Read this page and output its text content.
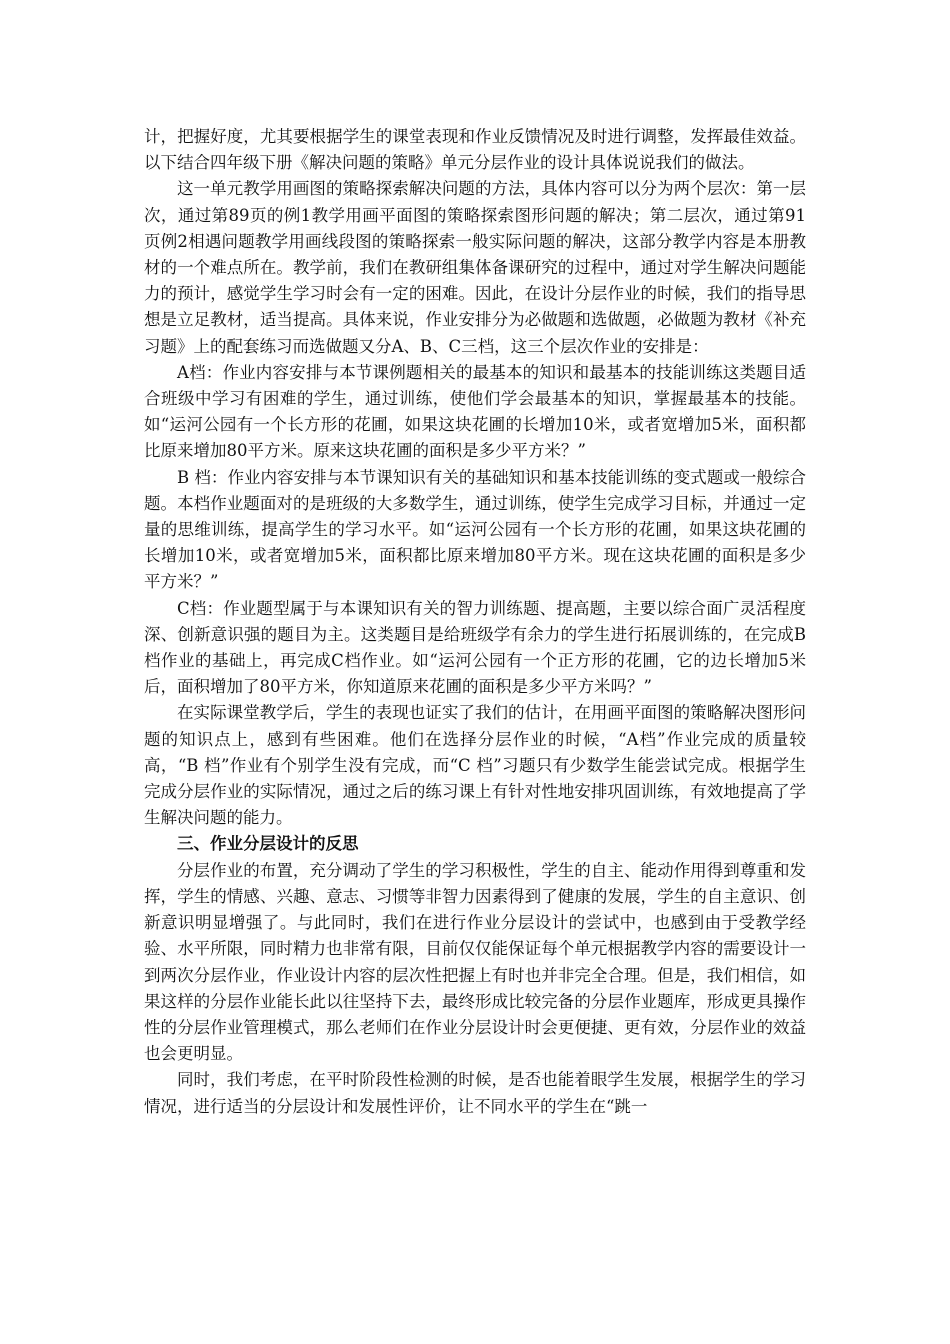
计，把握好度，尤其要根据学生的课堂表现和作业反馈情况及时进行调整，发挥最佳效益。以下结合四年级下册《解决问题的策略》单元分层作业的设计具体说说我们的做法。

这一单元教学用画图的策略探索解决问题的方法，具体内容可以分为两个层次：第一层次，通过第89页的例1教学用画平面图的策略探索图形问题的解决；第二层次，通过第91页例2相遇问题教学用画线段图的策略探索一般实际问题的解决，这部分教学内容是本册教材的一个难点所在。教学前，我们在教研组集体备课研究的过程中，通过对学生解决问题能力的预计，感觉学生学习时会有一定的困难。因此，在设计分层作业的时候，我们的指导思想是立足教材，适当提高。具体来说，作业安排分为必做题和选做题，必做题为教材《补充习题》上的配套练习而选做题又分A、B、C三档，这三个层次作业的安排是：

A档：作业内容安排与本节课例题相关的最基本的知识和最基本的技能训练这类题目适合班级中学习有困难的学生，通过训练，使他们学会最基本的知识，掌握最基本的技能。如“运河公园有一个长方形的花圃，如果这块花圃的长增加10米，或者宽增加5米，面积都比原来增加80平方米。原来这块花圃的面积是多少平方米？”

B 档：作业内容安排与本节课知识有关的基础知识和基本技能训练的变式题或一般综合题。本档作业题面对的是班级的大多数学生，通过训练，使学生完成学习目标，并通过一定量的思维训练，提高学生的学习水平。如“运河公园有一个长方形的花圃，如果这块花圃的长增加10米，或者宽增加5米，面积都比原来增加80平方米。现在这块花圃的面积是多少平方米？”

C档：作业题型属于与本课知识有关的智力训练题、提高题，主要以综合面广灵活程度深、创新意识强的题目为主。这类题目是给班级学有余力的学生进行拓展训练的，在完成B档作业的基础上，再完成C档作业。如“运河公园有一个正方形的花圃，它的边长增加5米后，面积增加了80平方米，你知道原来花圃的面积是多少平方米吗？”

在实际课堂教学后，学生的表现也证实了我们的估计，在用画平面图的策略解决图形问题的知识点上，感到有些困难。他们在选择分层作业的时候，“A档”作业完成的质量较高，“B 档”作业有个别学生没有完成，而“C 档”习题只有少数学生能尝试完成。根据学生完成分层作业的实际情况，通过之后的练习课上有针对性地安排巩固训练，有效地提高了学生解决问题的能力。

三、作业分层设计的反思

分层作业的布置，充分调动了学生的学习积极性，学生的自主、能动作用得到尊重和发挥，学生的情感、兴趣、意志、习惯等非智力因素得到了健康的发展，学生的自主意识、创新意识明显增强了。与此同时，我们在进行作业分层设计的尝试中，也感到由于受教学经验、水平所限，同时精力也非常有限，目前仅仅能保证每个单元根据教学内容的需要设计一到两次分层作业，作业设计内容的层次性把握上有时也并非完全合理。但是，我们相信，如果这样的分层作业能长此以往坚持下去，最终形成比较完备的分层作业题库，形成更具操作性的分层作业管理模式，那么老师们在作业分层设计时会更便捷、更有效，分层作业的效益也会更明显。

同时，我们考虑，在平时阶段性检测的时候，是否也能着眼学生发展，根据学生的学习情况，进行适当的分层设计和发展性评价，让不同水平的学生在“跳一
